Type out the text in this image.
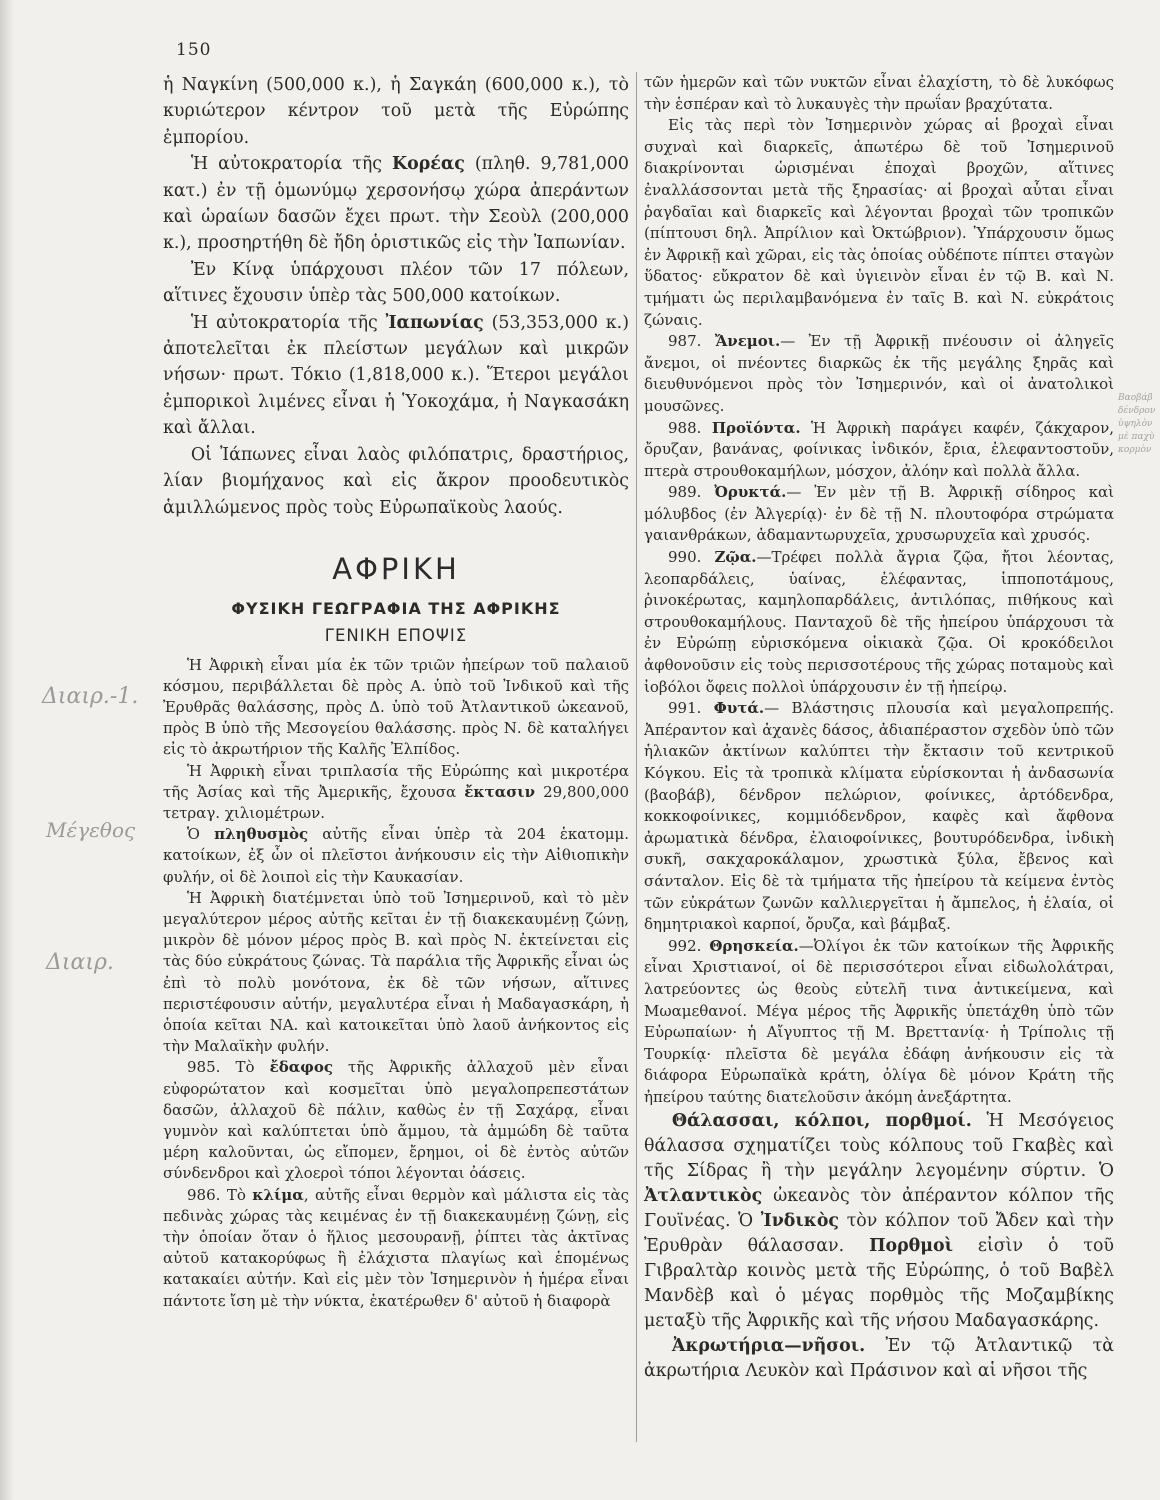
150

ἡ Ναγκίνη (500,000 κ.), ἡ Σαγκάη (600,000 κ.), τὸ κυριώτερον κέντρον τοῦ μετὰ τῆς Εὐρώπης ἐμπορίου.

Ἡ αὐτοκρατορία τῆς Κορέας (πληθ. 9,781,000 κατ.) ἐν τῇ ὁμωνύμῳ χερσονήσῳ χώρα ἀπεράντων καὶ ὡραίων δασῶν ἔχει πρωτ. τὴν Σεοὺλ (200,000 κ.), προσηρτήθη δὲ ἤδη ὁριστικῶς εἰς τὴν Ἰαπωνίαν.

Ἐν Κίνᾳ ὑπάρχουσι πλέον τῶν 17 πόλεων, αἵτινες ἔχουσιν ὑπὲρ τὰς 500,000 κατοίκων.

Ἡ αὐτοκρατορία τῆς Ἰαπωνίας (53,353,000 κ.) ἀποτελεῖται ἐκ πλείστων μεγάλων καὶ μικρῶν νήσων· πρωτ. Τόκιο (1,818,000 κ.). Ἕτεροι μεγάλοι ἐμπορικοὶ λιμένες εἶναι ἡ Ὑοκοχάμα, ἡ Ναγκασάκη καὶ ἄλλαι.

Οἱ Ἰάπωνες εἶναι λαὸς φιλόπατρις, δραστήριος, λίαν βιομήχανος καὶ εἰς ἄκρον προοδευτικὸς ἁμιλλώμενος πρὸς τοὺς Εὐρωπαϊκοὺς λαούς.

ΑΦΡΙΚΗ
ΦΥΣΙΚΗ ΓΕΩΓΡΑΦΙΑ ΤΗΣ ΑΦΡΙΚΗΣ
ΓΕΝΙΚΗ ΕΠΟΨΙΣ

Ἡ Ἀφρικὴ εἶναι μία ἐκ τῶν τριῶν ἠπείρων τοῦ παλαιοῦ κόσμου, περιβάλλεται δὲ πρὸς Α. ὑπὸ τοῦ Ἰνδικοῦ καὶ τῆς Ἐρυθρᾶς θαλάσσης, πρὸς Δ. ὑπὸ τοῦ Ἀτλαντικοῦ ὠκεανοῦ, πρὸς Β ὑπὸ τῆς Μεσογείου θαλάσσης. πρὸς Ν. δὲ καταλήγει εἰς τὸ ἀκρωτήριον τῆς Καλῆς Ἐλπίδος.

Ἡ Ἀφρικὴ εἶναι τριπλασία τῆς Εὐρώπης καὶ μικροτέρα τῆς Ἀσίας καὶ τῆς Ἀμερικῆς, ἔχουσα ἔκτασιν 29,800,000 τετραγ. χιλιομέτρων.

Ὁ πληθυσμὸς αὐτῆς εἶναι ὑπὲρ τὰ 204 ἑκατομμ. κατοίκων, ἐξ ὧν οἱ πλεῖστοι ἀνήκουσιν εἰς τὴν Αἰθιοπικὴν φυλήν, οἱ δὲ λοιποὶ εἰς τὴν Καυκασίαν.

Ἡ Ἀφρικὴ διατέμνεται ὑπὸ τοῦ Ἰσημερινοῦ, καὶ τὸ μὲν μεγαλύτερον μέρος αὐτῆς κεῖται ἐν τῇ διακεκαυμένῃ ζώνῃ, μικρὸν δὲ μόνον μέρος πρὸς Β. καὶ πρὸς Ν. ἐκτείνεται εἰς τὰς δύο εὐκράτους ζώνας. Τὰ παράλια τῆς Ἀφρικῆς εἶναι ὡς ἐπὶ τὸ πολὺ μονότονα, ἐκ δὲ τῶν νήσων, αἵτινες περιστέφουσιν αὐτήν, μεγαλυτέρα εἶναι ἡ Μαδαγασκάρη, ἡ ὁποία κεῖται ΝΑ. καὶ κατοικεῖται ὑπὸ λαοῦ ἀνήκοντος εἰς τὴν Μαλαϊκὴν φυλήν.

985. Τὸ ἔδαφος τῆς Ἀφρικῆς ἀλλαχοῦ μὲν εἶναι εὐφορώτατον καὶ κοσμεῖται ὑπὸ μεγαλοπρεπεστάτων δασῶν, ἀλλαχοῦ δὲ πάλιν, καθὼς ἐν τῇ Σαχάρᾳ, εἶναι γυμνὸν καὶ καλύπτεται ὑπὸ ἄμμου, τὰ ἀμμώδη δὲ ταῦτα μέρη καλοῦνται, ὡς εἴπομεν, ἔρημοι, οἱ δὲ ἐντὸς αὐτῶν σύνδενδροι καὶ χλοεροὶ τόποι λέγονται ὀάσεις.

986. Τὸ κλίμα, αὐτῆς εἶναι θερμὸν καὶ μάλιστα εἰς τὰς πεδινὰς χώρας τὰς κειμένας ἐν τῇ διακεκαυμένῃ ζώνῃ, εἰς τὴν ὁποίαν ὅταν ὁ ἥλιος μεσουρανῇ, ῥίπτει τὰς ἀκτῖνας αὐτοῦ κατακορύφως ἢ ἐλάχιστα πλαγίως καὶ ἑπομένως κατακαίει αὐτήν. Καὶ εἰς μὲν τὸν Ἰσημερινὸν ἡ ἡμέρα εἶναι πάντοτε ἴση μὲ τὴν νύκτα, ἑκατέρωθεν δ' αὐτοῦ ἡ διαφορὰ

τῶν ἡμερῶν καὶ τῶν νυκτῶν εἶναι ἐλαχίστη, τὸ δὲ λυκόφως τὴν ἑσπέραν καὶ τὸ λυκαυγὲς τὴν πρωΐαν βραχύτατα.

Εἰς τὰς περὶ τὸν Ἰσημερινὸν χώρας αἱ βροχαὶ εἶναι συχναὶ καὶ διαρκεῖς, ἀπωτέρω δὲ τοῦ Ἰσημερινοῦ διακρίνονται ὡρισμέναι ἐποχαὶ βροχῶν, αἵτινες ἐναλλάσσονται μετὰ τῆς ξηρασίας· αἱ βροχαὶ αὗται εἶναι ῥαγδαῖαι καὶ διαρκεῖς καὶ λέγονται βροχαὶ τῶν τροπικῶν (πίπτουσι δηλ. Ἀπρίλιον καὶ Ὀκτώβριον). Ὑπάρχουσιν ὅμως ἐν Ἀφρικῇ καὶ χῶραι, εἰς τὰς ὁποίας οὐδέποτε πίπτει σταγὼν ὕδατος· εὔκρατον δὲ καὶ ὑγιεινὸν εἶναι ἐν τῷ Β. καὶ Ν. τμήματι ὡς περιλαμβανόμενα ἐν ταῖς Β. καὶ Ν. εὐκράτοις ζώναις.

987. Ἄνεμοι.— Ἐν τῇ Ἀφρικῇ πνέουσιν οἱ ἀληγεῖς ἄνεμοι, οἱ πνέοντες διαρκῶς ἐκ τῆς μεγάλης ξηρᾶς καὶ διευθυνόμενοι πρὸς τὸν Ἰσημερινόν, καὶ οἱ ἀνατολικοὶ μουσῶνες.

988. Προϊόντα. Ἡ Ἀφρικὴ παράγει καφέν, ζάκχαρον, ὄρυζαν, βανάνας, φοίνικας ἰνδικόν, ἔρια, ἐλεφαντοστοῦν, πτερὰ στρουθοκαμήλων, μόσχον, ἀλόην καὶ πολλὰ ἄλλα.

989. Ὀρυκτά.— Ἐν μὲν τῇ Β. Ἀφρικῇ σίδηρος καὶ μόλυβδος (ἐν Ἀλγερίᾳ)· ἐν δὲ τῇ Ν. πλουτοφόρα στρώματα γαιανθράκων, ἀδαμαντωρυχεῖα, χρυσωρυχεῖα καὶ χρυσός.

990. Ζῷα.—Τρέφει πολλὰ ἄγρια ζῷα, ἤτοι λέοντας, λεοπαρδάλεις, ὑαίνας, ἐλέφαντας, ἱπποποτάμους, ῥινοκέρωτας, καμηλοπαρδάλεις, ἀντιλόπας, πιθήκους καὶ στρουθοκαμήλους. Πανταχοῦ δὲ τῆς ἠπείρου ὑπάρχουσι τὰ ἐν Εὐρώπῃ εὑρισκόμενα οἰκιακὰ ζῷα. Οἱ κροκόδειλοι ἀφθονοῦσιν εἰς τοὺς περισσοτέρους τῆς χώρας ποταμοὺς καὶ ἰοβόλοι ὄφεις πολλοὶ ὑπάρχουσιν ἐν τῇ ἠπείρῳ.

991. Φυτά.— Βλάστησις πλουσία καὶ μεγαλοπρεπής. Ἀπέραντον καὶ ἀχανὲς δάσος, ἀδιαπέραστον σχεδὸν ὑπὸ τῶν ἡλιακῶν ἀκτίνων καλύπτει τὴν ἔκτασιν τοῦ κεντρικοῦ Κόγκου. Εἰς τὰ τροπικὰ κλίματα εὑρίσκονται ἡ ἀνδασωνία (βαοβάβ), δένδρον πελώριον, φοίνικες, ἀρτόδενδρα, κοκκοφοίνικες, κομμιόδενδρον, καφὲς καὶ ἄφθονα ἀρωματικὰ δένδρα, ἐλαιοφοίνικες, βουτυρόδενδρα, ἰνδικὴ συκῆ, σακχαροκάλαμον, χρωστικὰ ξύλα, ἔβενος καὶ σάνταλον. Εἰς δὲ τὰ τμήματα τῆς ἠπείρου τὰ κείμενα ἐντὸς τῶν εὐκράτων ζωνῶν καλλιεργεῖται ἡ ἄμπελος, ἡ ἐλαία, οἱ δημητριακοὶ καρποί, ὄρυζα, καὶ βάμβαξ.

992. Θρησκεία.—Ὀλίγοι ἐκ τῶν κατοίκων τῆς Ἀφρικῆς εἶναι Χριστιανοί, οἱ δὲ περισσότεροι εἶναι εἰδωλολάτραι, λατρεύοντες ὡς θεοὺς εὐτελῆ τινα ἀντικείμενα, καὶ Μωαμεθανοί. Μέγα μέρος τῆς Ἀφρικῆς ὑπετάχθη ὑπὸ τῶν Εὐρωπαίων· ἡ Αἴγυπτος τῇ Μ. Βρεττανίᾳ· ἡ Τρίπολις τῇ Τουρκίᾳ· πλεῖστα δὲ μεγάλα ἐδάφη ἀνήκουσιν εἰς τὰ διάφορα Εὐρωπαϊκὰ κράτη, ὀλίγα δὲ μόνον Κράτη τῆς ἠπείρου ταύτης διατελοῦσιν ἀκόμη ἀνεξάρτητα.

Θάλασσαι, κόλποι, πορθμοί. Ἡ Μεσόγειος θάλασσα σχηματίζει τοὺς κόλπους τοῦ Γκαβὲς καὶ τῆς Σίδρας ἢ τὴν μεγάλην λεγομένην σύρτιν. Ὁ Ἀτλαντικὸς ὠκεανὸς τὸν ἀπέραντον κόλπον τῆς Γουϊνέας. Ὁ Ἰνδικὸς τὸν κόλπον τοῦ Ἄδεν καὶ τὴν Ἐρυθρὰν θάλασσαν. Πορθμοὶ εἰσὶν ὁ τοῦ Γιβραλτὰρ κοινὸς μετὰ τῆς Εὐρώπης, ὁ τοῦ Βαβὲλ Μανδὲβ καὶ ὁ μέγας πορθμὸς τῆς Μοζαμβίκης μεταξὺ τῆς Ἀφρικῆς καὶ τῆς νήσου Μαδαγασκάρης.

Ἀκρωτήρια—νῆσοι. Ἐν τῷ Ἀτλαντικῷ τὰ ἀκρωτήρια Λευκὸν καὶ Πράσινον καὶ αἱ νῆσοι τῆς

Διαιρ.-1.
Μέγεθος
Διαιρ.
Βαοβάβ δένδρον ὑψηλὸν μὲ παχὺ κορμὸν
